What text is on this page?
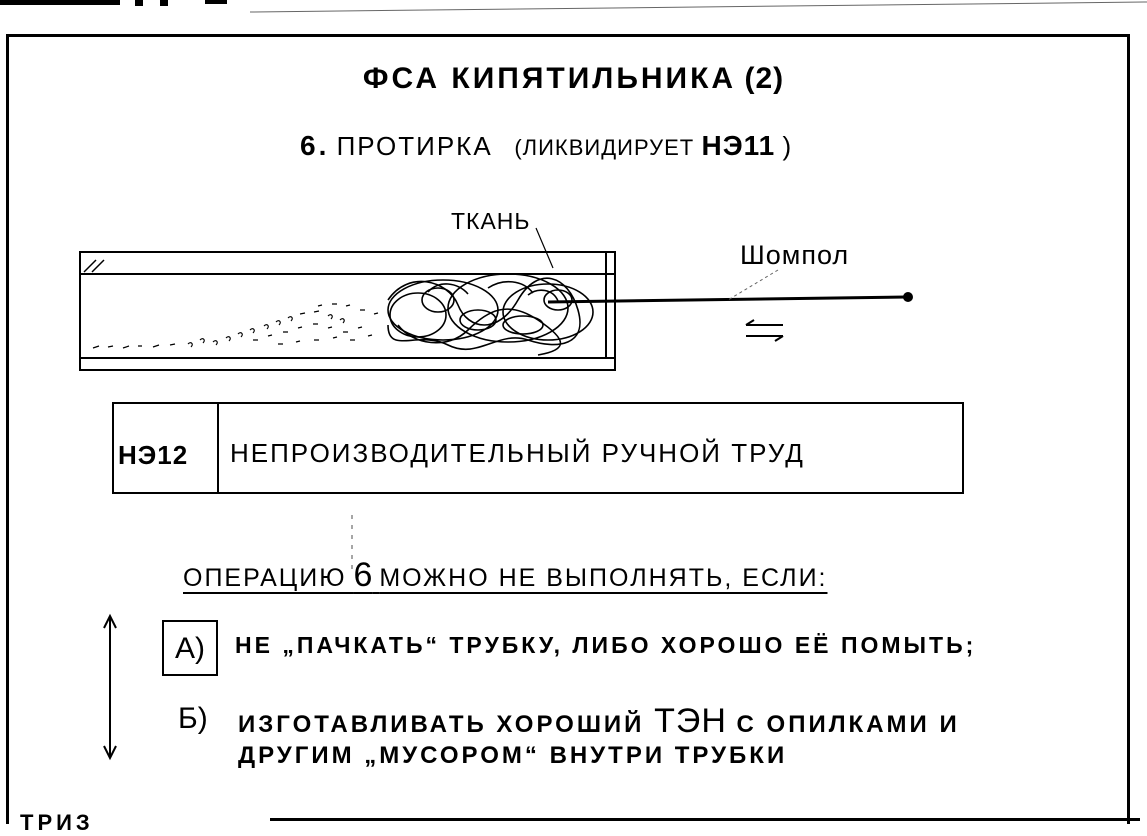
ТРИЗ
ФСА КИПЯТИЛЬНИКА (2)
6. ПРОТИРКА (ЛИКВИДИРУЕТ НЭ11 )
ТКАНЬ
Шомпол
НЭ12 НЕПРОИЗВОДИТЕЛЬНЫЙ РУЧНОЙ ТРУД
ОПЕРАЦИЮ 6 МОЖНО НЕ ВЫПОЛНЯТЬ, ЕСЛИ:
А)	НЕ „ПАЧКАТЬ“ ТРУБКУ, ЛИБО ХОРОШО ЕЁ ПОМЫТЬ;
Б) ИЗГОТАВЛИВАТЬ ХОРОШИЙ ТЭН С ОПИЛКАМИ И
ДРУГИМ „МУСОРОМ“ ВНУТРИ ТРУБКИ
